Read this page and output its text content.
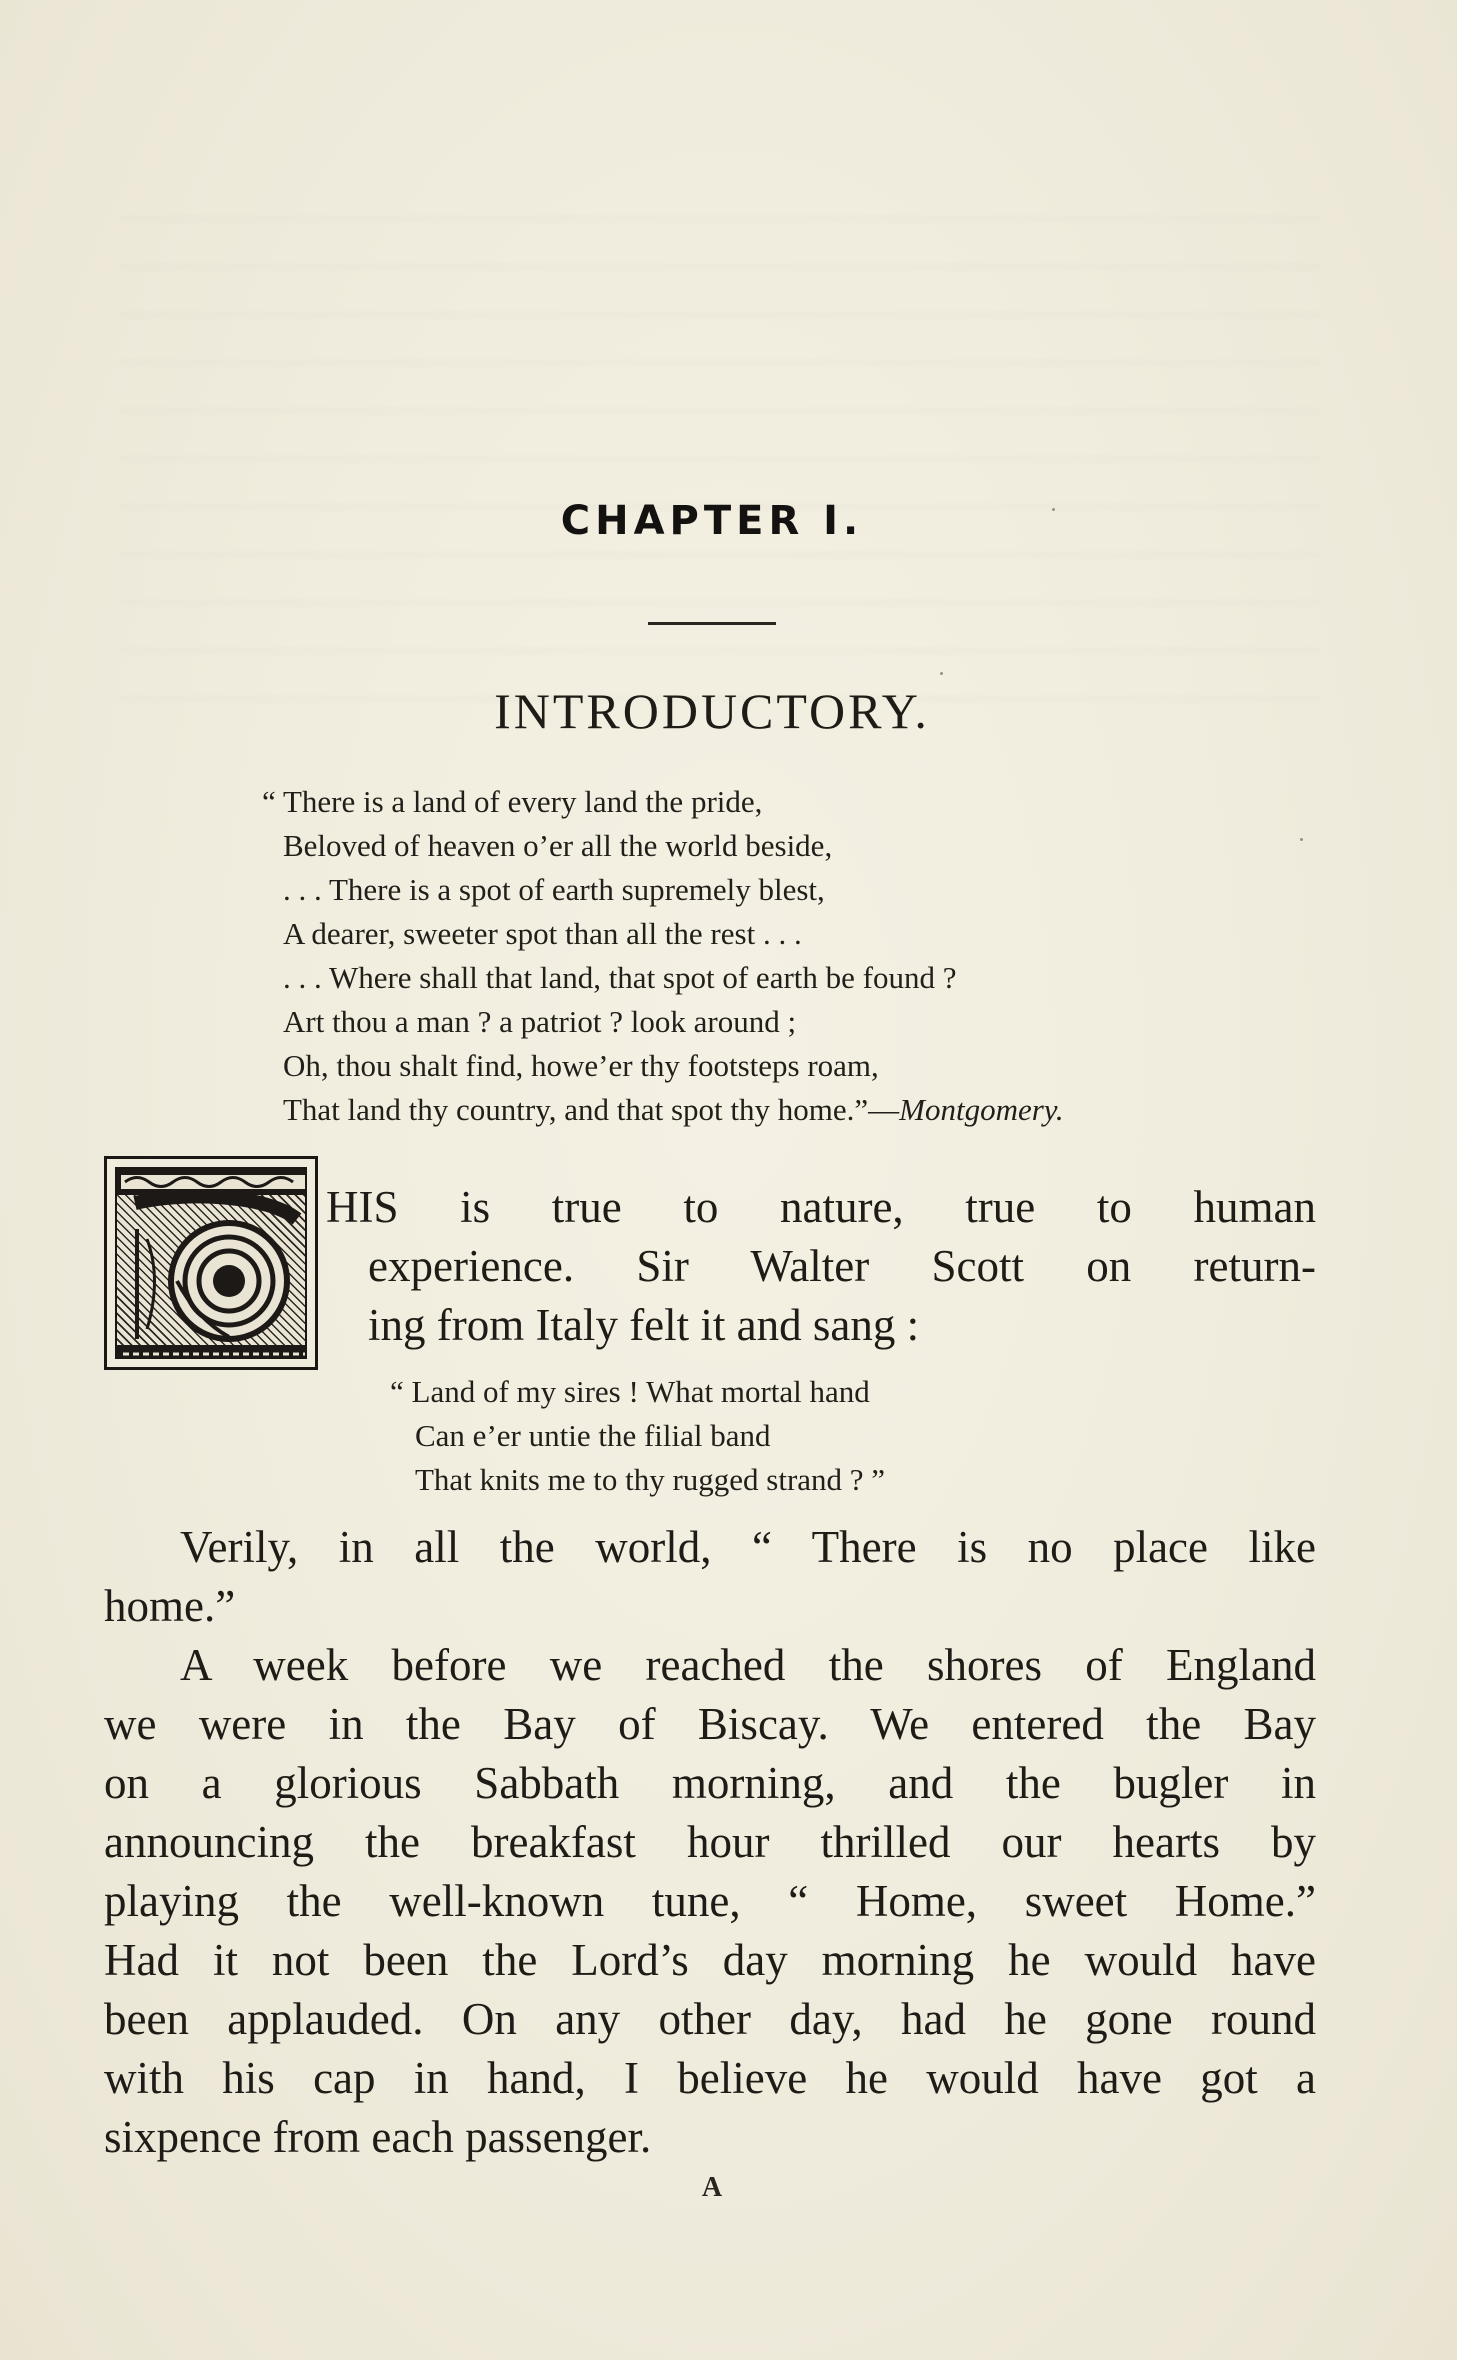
CHAPTER I.
INTRODUCTORY.
“ There is a land of every land the pride,
Beloved of heaven o’er all the world beside,
. . . There is a spot of earth supremely blest,
A dearer, sweeter spot than all the rest . . .
. . . Where shall that land, that spot of earth be found ?
Art thou a man ? a patriot ? look around ;
Oh, thou shalt find, howe’er thy footsteps roam,
That land thy country, and that spot thy home.”—Montgomery.
HIS is true to nature, true to human
experience. Sir Walter Scott on return-
ing from Italy felt it and sang :
“ Land of my sires ! What mortal hand
Can e’er untie the filial band
That knits me to thy rugged strand ? ”
Verily, in all the world, “ There is no place like
home.”
A week before we reached the shores of England
we were in the Bay of Biscay. We entered the Bay
on a glorious Sabbath morning, and the bugler in
announcing the breakfast hour thrilled our hearts by
playing the well-known tune, “ Home, sweet Home.”
Had it not been the Lord’s day morning he would have
been applauded. On any other day, had he gone round
with his cap in hand, I believe he would have got a
sixpence from each passenger.
A
